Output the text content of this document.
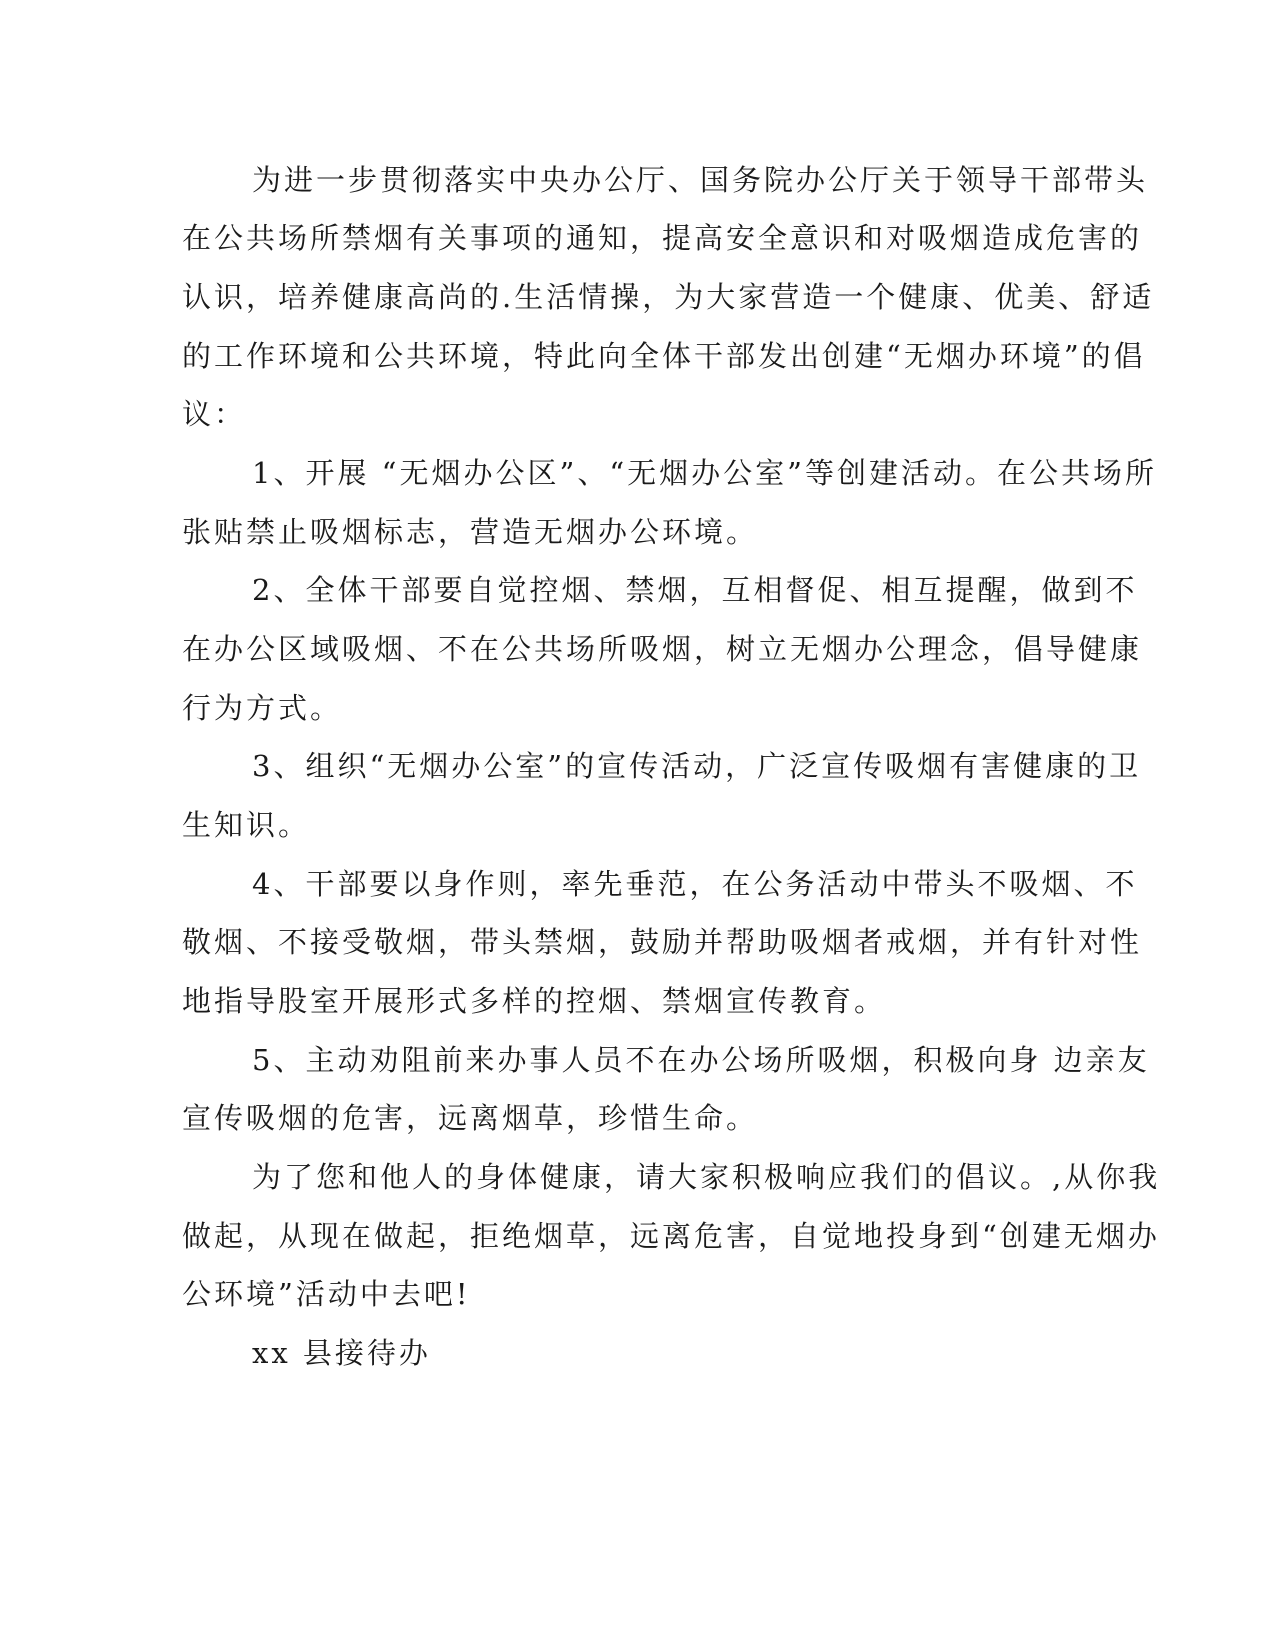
为进一步贯彻落实中央办公厅、国务院办公厅关于领导干部带头
在公共场所禁烟有关事项的通知，提高安全意识和对吸烟造成危害的
认识，培养健康高尚的.生活情操，为大家营造一个健康、优美、舒适
的工作环境和公共环境，特此向全体干部发出创建“无烟办环境”的倡
议：
1、开展 “无烟办公区”、“无烟办公室”等创建活动。在公共场所
张贴禁止吸烟标志，营造无烟办公环境。
2、全体干部要自觉控烟、禁烟，互相督促、相互提醒，做到不
在办公区域吸烟、不在公共场所吸烟，树立无烟办公理念，倡导健康
行为方式。
3、组织“无烟办公室”的宣传活动，广泛宣传吸烟有害健康的卫
生知识。
4、干部要以身作则，率先垂范，在公务活动中带头不吸烟、不
敬烟、不接受敬烟，带头禁烟，鼓励并帮助吸烟者戒烟，并有针对性
地指导股室开展形式多样的控烟、禁烟宣传教育。
5、主动劝阻前来办事人员不在办公场所吸烟，积极向身 边亲友
宣传吸烟的危害，远离烟草，珍惜生命。
为了您和他人的身体健康，请大家积极响应我们的倡议。,从你我
做起，从现在做起，拒绝烟草，远离危害，自觉地投身到“创建无烟办
公环境”活动中去吧!
xx 县接待办
